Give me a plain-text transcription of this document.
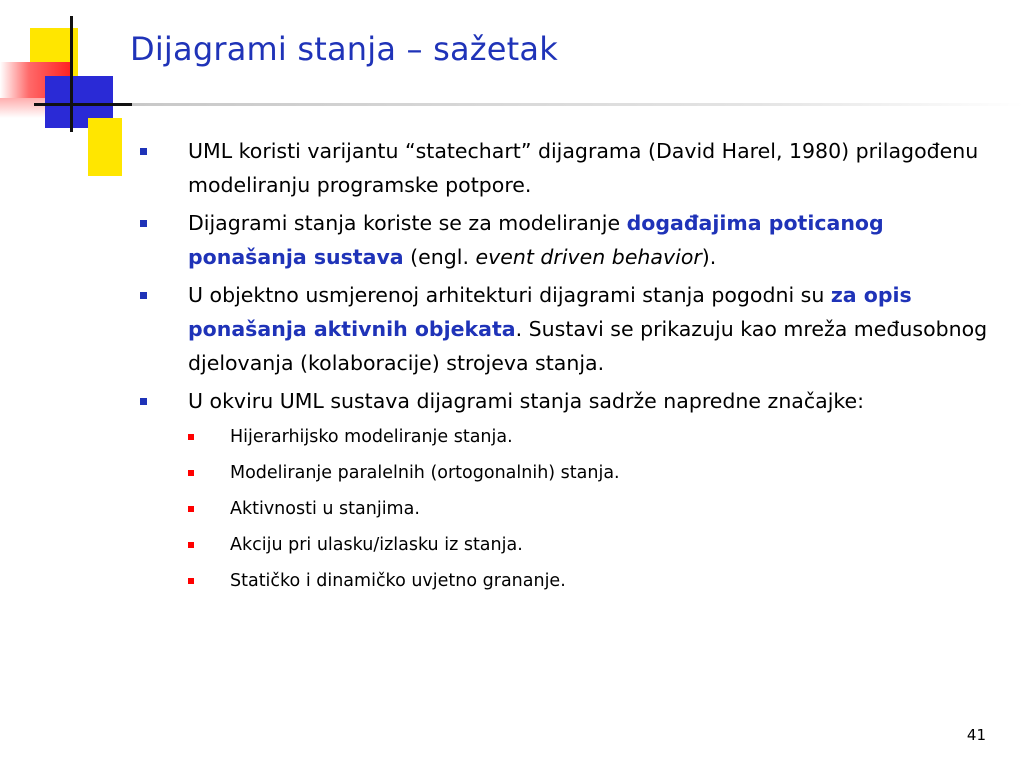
Dijagrami stanja – sažetak
UML koristi varijantu “statechart” dijagrama (David Harel, 1980) prilagođenu modeliranju programske potpore.
Dijagrami stanja koriste se za modeliranje događajima poticanog ponašanja sustava (engl. event driven behavior).
U objektno usmjerenoj arhitekturi dijagrami stanja pogodni su za opis ponašanja aktivnih objekata. Sustavi se prikazuju kao mreža međusobnog djelovanja (kolaboracije) strojeva stanja.
U okviru UML sustava dijagrami stanja sadrže napredne značajke:
Hijerarhijsko modeliranje stanja.
Modeliranje paralelnih (ortogonalnih) stanja.
Aktivnosti u stanjima.
Akciju pri ulasku/izlasku iz stanja.
Statičko i dinamičko uvjetno grananje.
41
